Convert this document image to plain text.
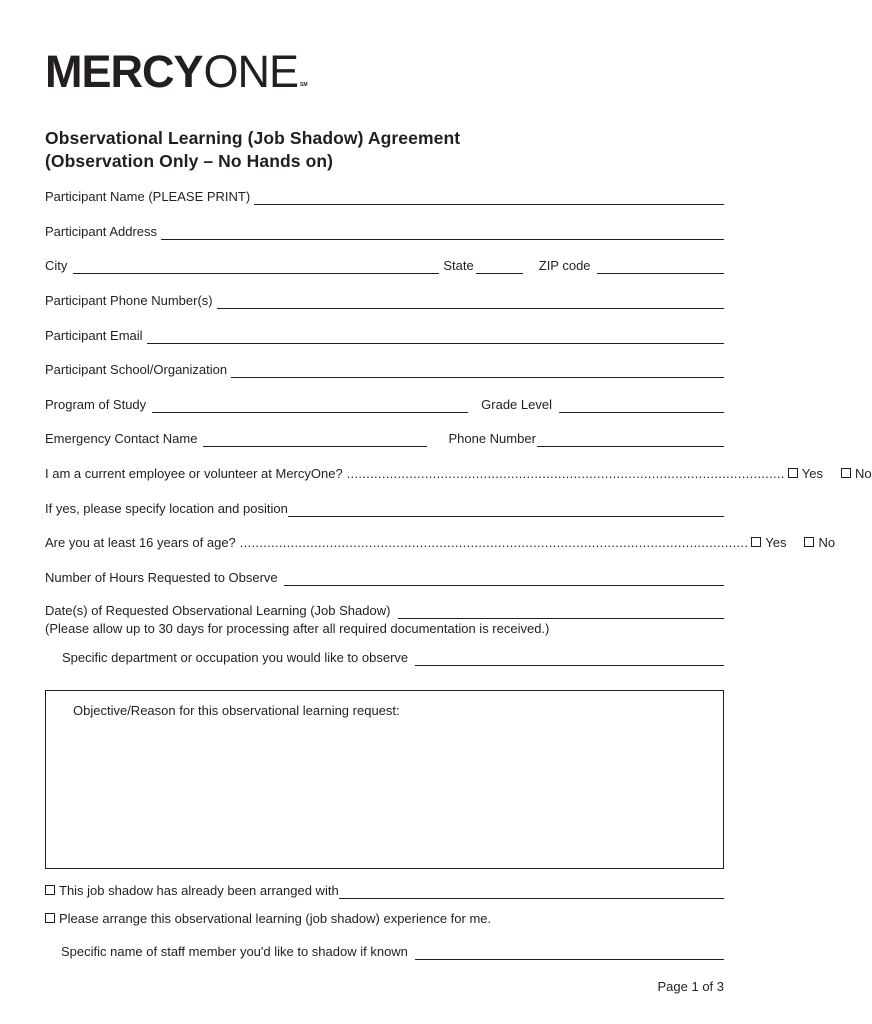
MERCY ONE SM
Observational Learning (Job Shadow) Agreement
(Observation Only – No Hands on)
Participant Name (PLEASE PRINT)
Participant Address
City	State	ZIP code
Participant Phone Number(s)
Participant Email
Participant School/Organization
Program of Study	Grade Level
Emergency Contact Name	Phone Number
I am a current employee or volunteer at MercyOne? ................................................................................................................	Yes	No
If yes, please specify location and position
Are you at least 16 years of age? ..................................................................................................................................	Yes	No
Number of Hours Requested to Observe
Date(s) of Requested Observational Learning (Job Shadow)
(Please allow up to 30 days for processing after all required documentation is received.)
Specific department or occupation you would like to observe
Objective/Reason for this observational learning request:
This job shadow has already been arranged with
Please arrange this observational learning (job shadow) experience for me.
Specific name of staff member you'd like to shadow if known
Page 1 of 3
